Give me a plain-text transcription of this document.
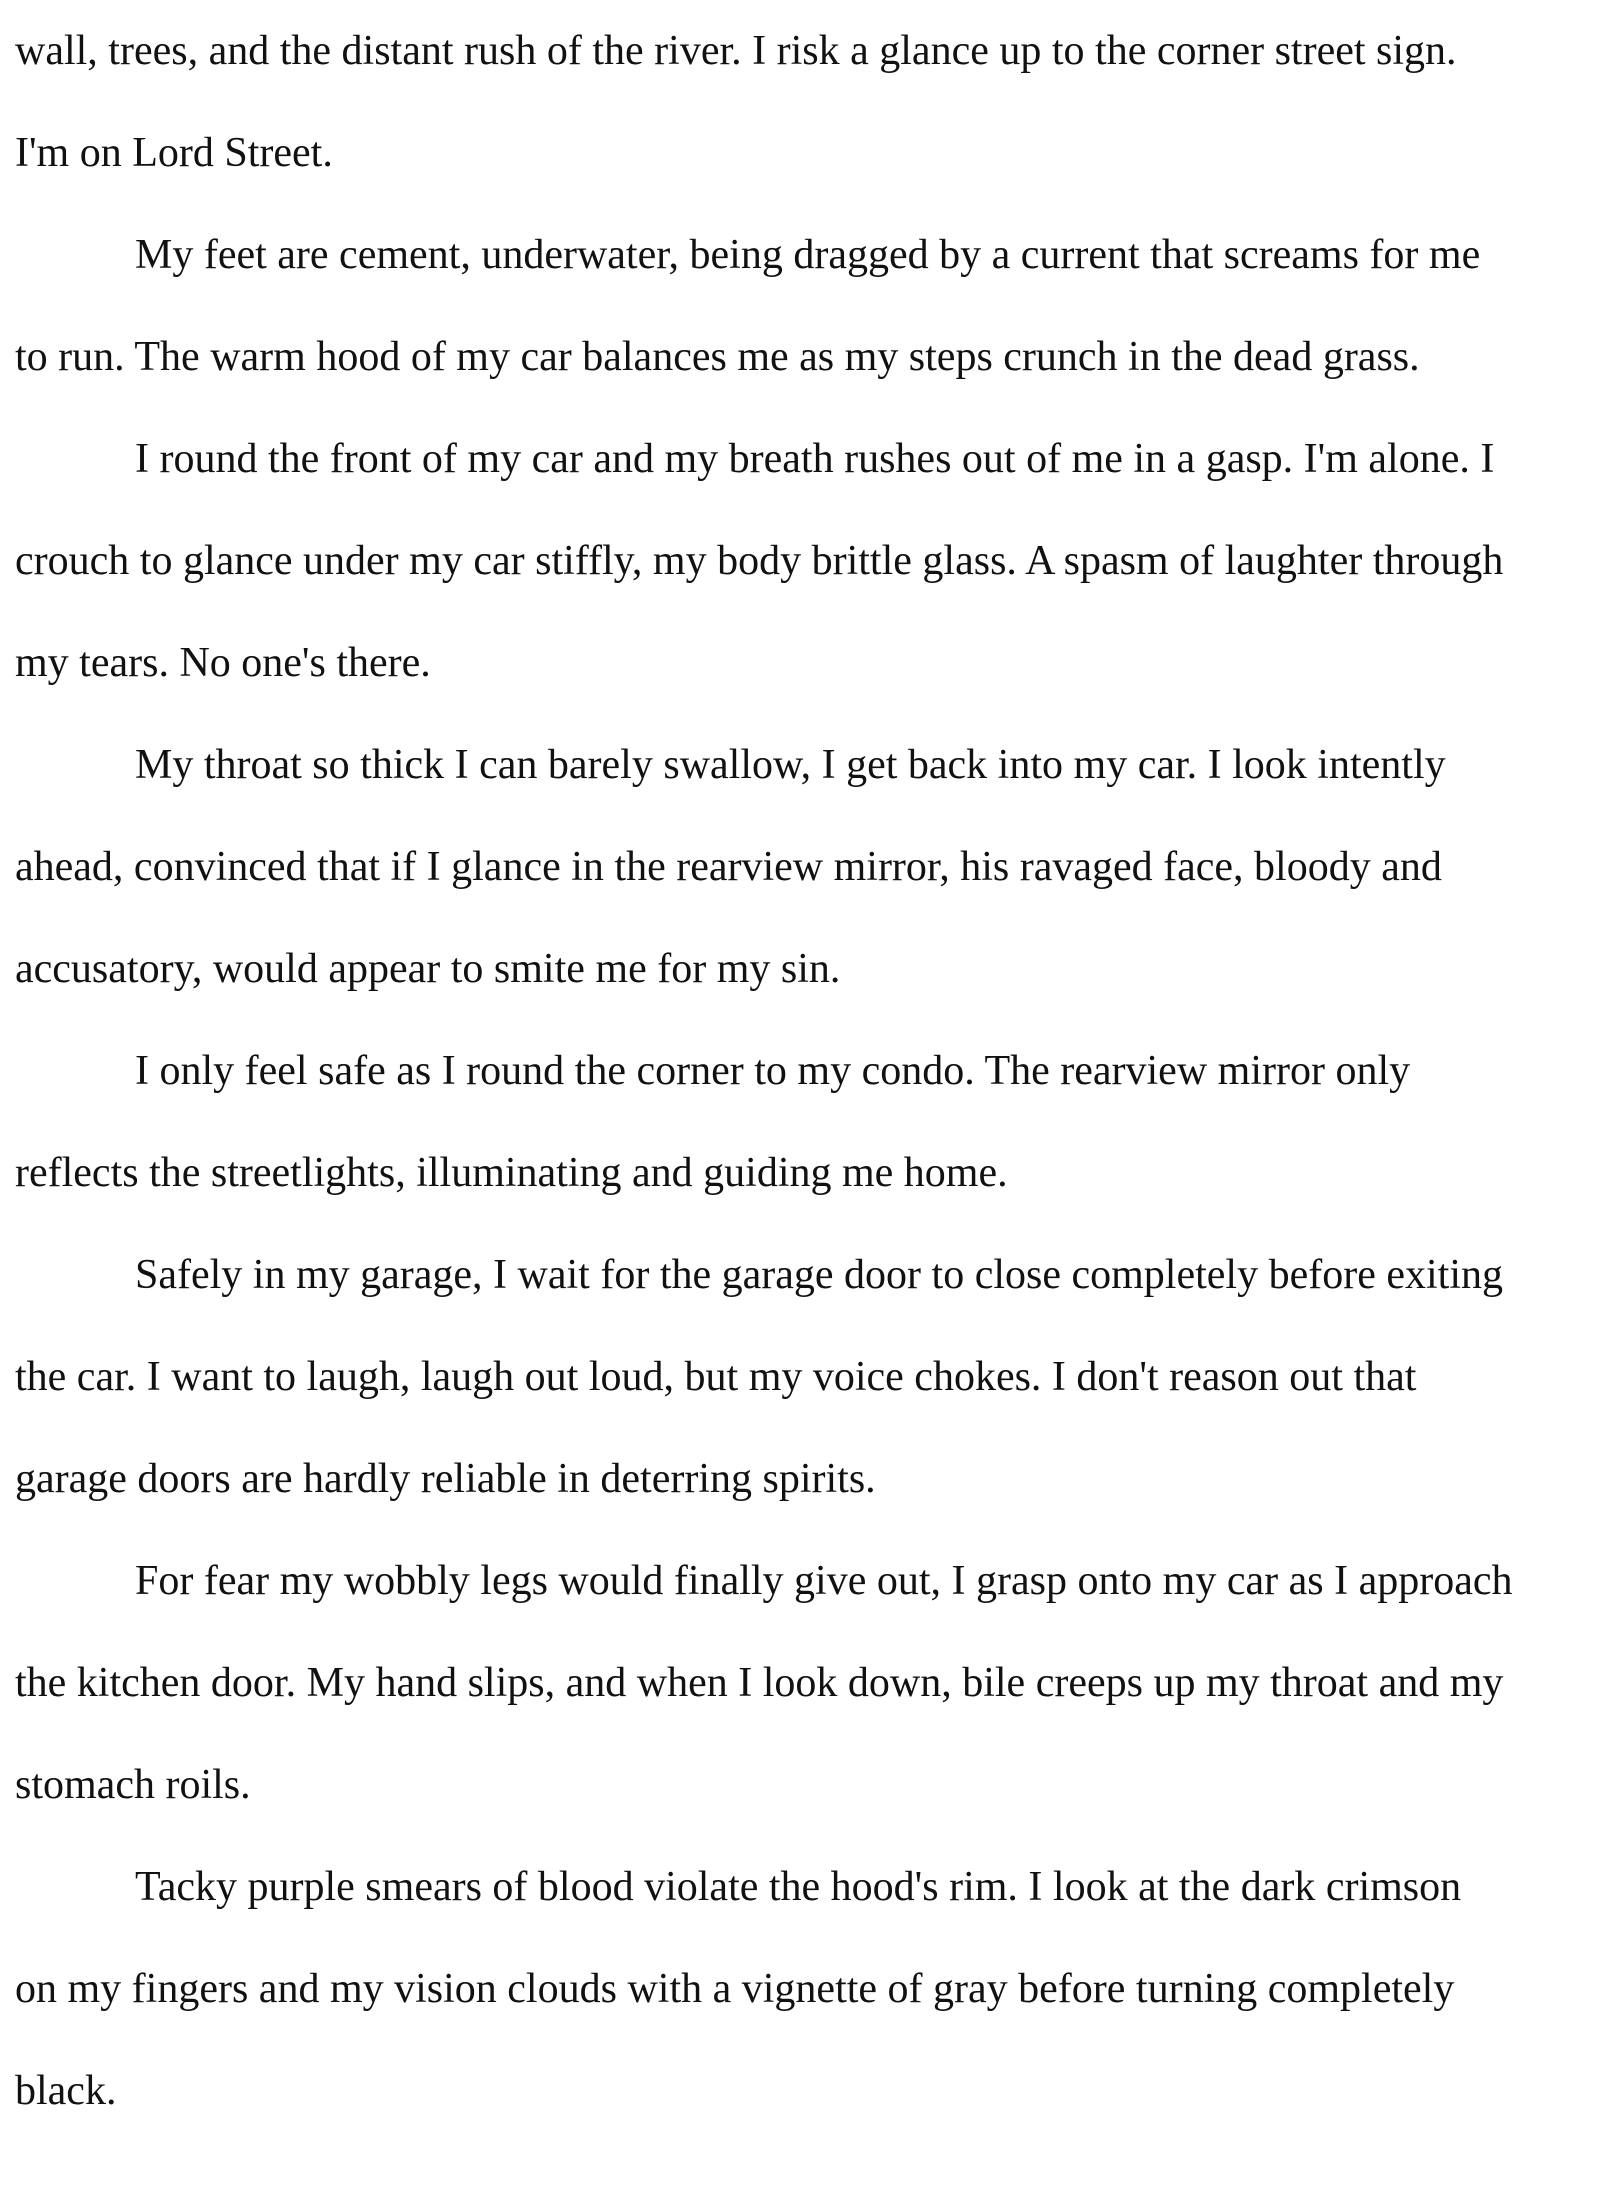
wall, trees, and the distant rush of the river. I risk a glance up to the corner street sign.
I'm on Lord Street.
My feet are cement, underwater, being dragged by a current that screams for me
to run. The warm hood of my car balances me as my steps crunch in the dead grass.
I round the front of my car and my breath rushes out of me in a gasp. I'm alone. I
crouch to glance under my car stiffly, my body brittle glass. A spasm of laughter through
my tears. No one's there.
My throat so thick I can barely swallow, I get back into my car. I look intently
ahead, convinced that if I glance in the rearview mirror, his ravaged face, bloody and
accusatory, would appear to smite me for my sin.
I only feel safe as I round the corner to my condo. The rearview mirror only
reflects the streetlights, illuminating and guiding me home.
Safely in my garage, I wait for the garage door to close completely before exiting
the car. I want to laugh, laugh out loud, but my voice chokes. I don't reason out that
garage doors are hardly reliable in deterring spirits.
For fear my wobbly legs would finally give out, I grasp onto my car as I approach
the kitchen door. My hand slips, and when I look down, bile creeps up my throat and my
stomach roils.
Tacky purple smears of blood violate the hood's rim. I look at the dark crimson
on my fingers and my vision clouds with a vignette of gray before turning completely
black.
